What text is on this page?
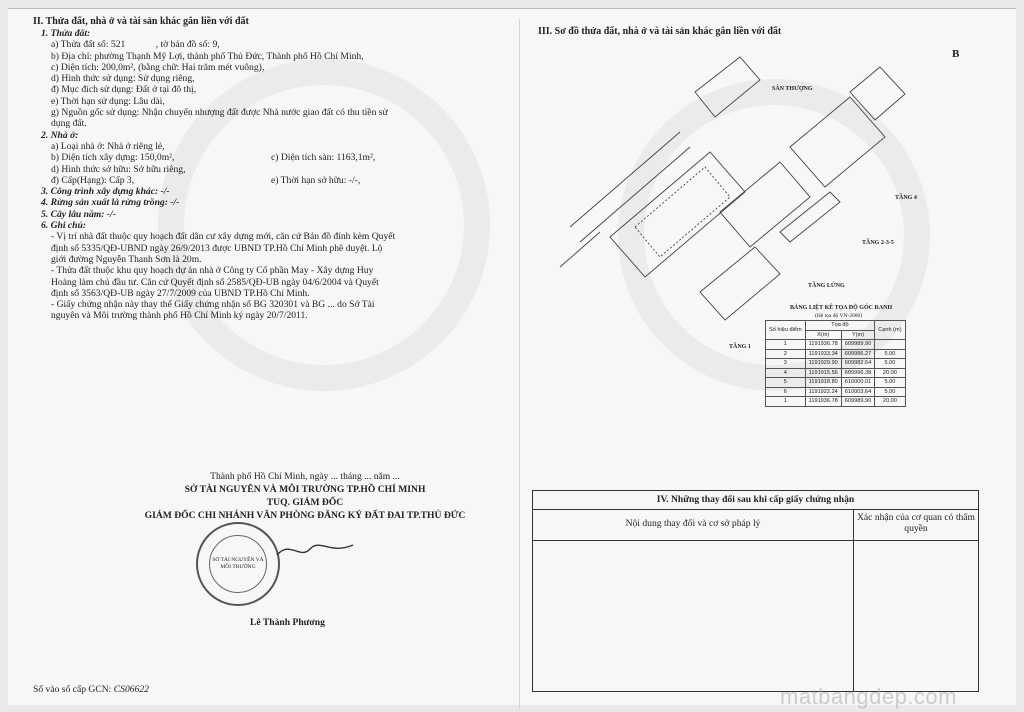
II. Thửa đất, nhà ở và tài sản khác gắn liền với đất
1. Thửa đất:
a) Thửa đất số: 521	, tờ bản đồ số: 9,
b) Địa chỉ: phường Thạnh Mỹ Lợi, thành phố Thủ Đức, Thành phố Hồ Chí Minh,
c) Diện tích: 200,0m², (bằng chữ: Hai trăm mét vuông),
d) Hình thức sử dụng: Sử dụng riêng,
đ) Mục đích sử dụng: Đất ở tại đô thị,
e) Thời hạn sử dụng: Lâu dài,
g) Nguồn gốc sử dụng: Nhận chuyển nhượng đất được Nhà nước giao đất có thu tiền sử
dụng đất.
2. Nhà ở:
a) Loại nhà ở: Nhà ở riêng lẻ,
b) Diện tích xây dựng: 150,0m²,	c) Diện tích sàn: 1163,1m²,
d) Hình thức sở hữu: Sở hữu riêng,
đ) Cấp(Hạng): Cấp 3,	e) Thời hạn sở hữu: -/-,
3. Công trình xây dựng khác: -/-
4. Rừng sản xuất là rừng trồng: -/-
5. Cây lâu năm: -/-
6. Ghi chú:
- Vị trí nhà đất thuộc quy hoạch đất dân cư xây dựng mới, căn cứ Bản đồ đính kèm Quyết
định số 5335/QĐ-UBND ngày 26/9/2013 được UBND TP.Hồ Chí Minh phê duyệt. Lộ
giới đường Nguyễn Thanh Sơn là 20m.
- Thửa đất thuộc khu quy hoạch dự án nhà ở Công ty Cổ phần May - Xây dựng Huy
Hoàng làm chủ đầu tư. Căn cứ Quyết định số 2585/QĐ-UB ngày 04/6/2004 và Quyết
định số 3563/QĐ-UB ngày 27/7/2009 của UBND TP.Hồ Chí Minh.
- Giấy chứng nhận này thay thế Giấy chứng nhận số BG 320301 và BG ... do Sở Tài
nguyên và Môi trường thành phố Hồ Chí Minh ký ngày 20/7/2011.
Thành phố Hồ Chí Minh, ngày ... tháng ... năm ...
SỞ TÀI NGUYÊN VÀ MÔI TRƯỜNG TP.HỒ CHÍ MINH
TUQ. GIÁM ĐỐC
GIÁM ĐỐC CHI NHÁNH VĂN PHÒNG ĐĂNG KÝ ĐẤT ĐAI TP.THỦ ĐỨC
SỞ TÀI NGUYÊN VÀ MÔI TRƯỜNG
Lê Thành Phương
Số vào sổ cấp GCN: CS06622
III. Sơ đồ thửa đất, nhà ở và tài sản khác gắn liền với đất
B
SÂN THƯỢNG
TẦNG 4
TẦNG 2-3-5
TẦNG LỬNG
TẦNG 1
BẢNG LIỆT KÊ TỌA ĐỘ GÓC RANH
(Hệ tọa độ VN-2000)
Số hiệu điểm	Tọa độ		Cạnh (m)
	X(m)	Y(m)	
1	1191936.78	609989.90	
2	1191933.34	609986.27	5.00
3	1191929.90	609982.64	5.00
4	1191915.56	609996.38	20.00
5	1191918.80	610000.01	5.00
6	1191922.24	610003.64	5.00
1	1191936.78	609989.90	20.00
IV. Những thay đổi sau khi cấp giấy chứng nhận
Nội dung thay đổi và cơ sở pháp lý
Xác nhận của cơ quan có thẩm quyền
matbangdep.com
